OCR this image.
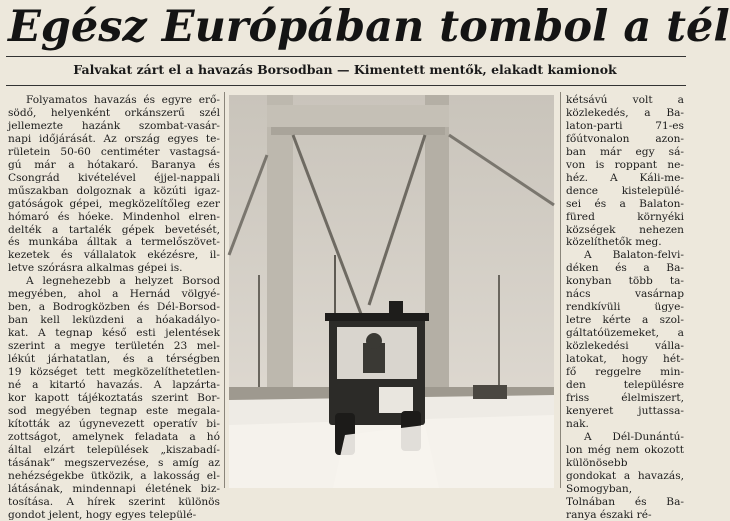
Egész Európában tombol a tél
Falvakat zárt el a havazás Borsodban — Kimentett mentők, elakadt kamionok
Folyamatos havazás és egyre erő-
södő, helyenként orkánszerű szél
jellemezte hazánk szombat-vasár-
napi időjárását. Az ország egyes te-
rületein 50-60 centiméter vastagsá-
gú már a hótakaró. Baranya és
Csongrád kivételével éjjel-nappali
műszakban dolgoznak a közúti igaz-
gatóságok gépei, megközelítőleg ezer
hómaró és hóeke. Mindenhol elren-
delték a tartalék gépek bevetését,
és munkába álltak a termelőszövet-
kezetek és vállalatok ekézésre, il-
letve szórásra alkalmas gépei is.
A legnehezebb a helyzet Borsod
megyében, ahol a Hernád völgyé-
ben, a Bodrogközben és Dél-Borsod-
ban kell leküzdeni a hóakadályo-
kat. A tegnap késő esti jelentések
szerint a megye területén 23 mel-
lékút járhatatlan, és a térségben
19 községet tett megközelíthetetlen-
né a kitartó havazás. A lapzárta-
kor kapott tájékoztatás szerint Bor-
sod megyében tegnap este megala-
kították az úgynevezett operatív bi-
zottságot, amelynek feladata a hó
által elzárt települések „kiszabadí-
tásának” megszervezése, s amíg az
nehézségekbe ütközik, a lakosság el-
látásának, mindennapi életének biz-
tosítása. A hírek szerint különös
gondot jelent, hogy egyes települé-
kétsávú volt a
közlekedés, a Ba-
laton-parti 71-es
főútvonalon azon-
ban már egy sá-
von is roppant ne-
héz. A Káli-me-
dence kistelepülé-
sei és a Balaton-
füred környéki
községek nehezen
közelíthetők meg.
A Balaton-felvi-
déken és a Ba-
konyban több ta-
nács vasárnap
rendkívüli ügye-
letre kérte a szol-
gáltatóüzemeket, a
közlekedési válla-
latokat, hogy hét-
fő reggelre min-
den településre
friss élelmiszert,
kenyeret juttassa-
nak.
A Dél-Dunántú-
lon még nem okozott
különösebb
gondokat a havazás,
Somogyban,
Tolnában és Ba-
ranya északi ré-
